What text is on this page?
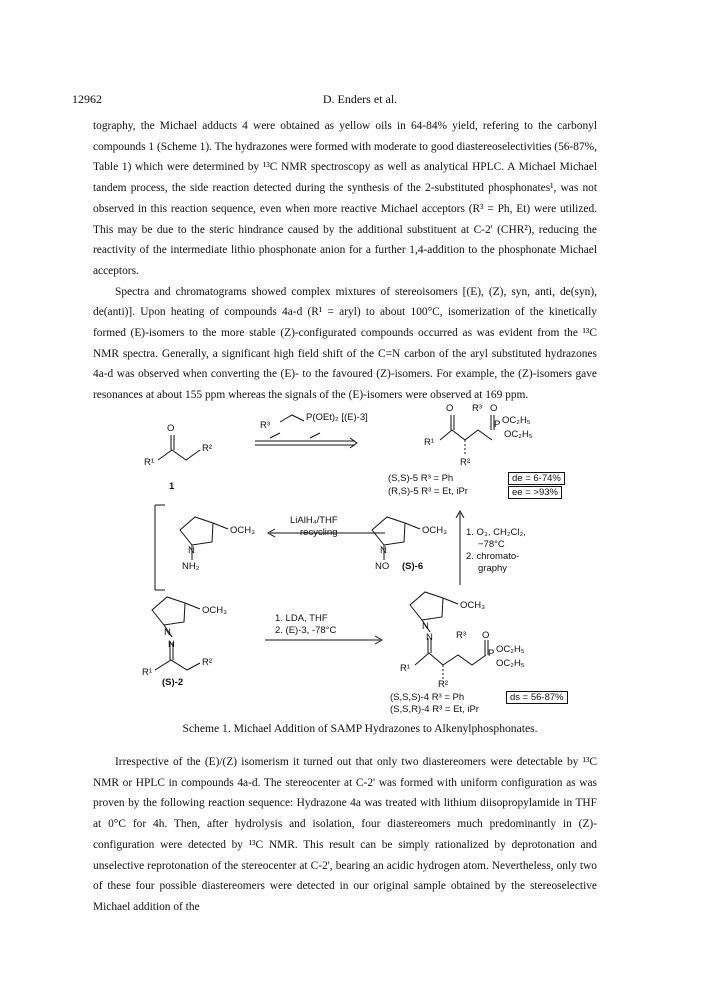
12962	D. Enders et al.

tography, the Michael adducts 4 were obtained as yellow oils in 64-84% yield, refering to the carbonyl compounds 1 (Scheme 1). The hydrazones were formed with moderate to good diastereoselectivities (56-87%, Table 1) which were determined by ¹³C NMR spectroscopy as well as analytical HPLC. A Michael Michael tandem process, the side reaction detected during the synthesis of the 2-substituted phosphonates¹, was not observed in this reaction sequence, even when more reactive Michael acceptors (R³ = Ph, Et) were utilized. This may be due to the steric hindrance caused by the additional substituent at C-2' (CHR²), reducing the reactivity of the intermediate lithio phosphonate anion for a further 1,4-addition to the phosphonate Michael acceptors.

Spectra and chromatograms showed complex mixtures of stereoisomers [(E), (Z), syn, anti, de(syn), de(anti)]. Upon heating of compounds 4a-d (R¹ = aryl) to about 100°C, isomerization of the kinetically formed (E)-isomers to the more stable (Z)-configurated compounds occurred as was evident from the ¹³C NMR spectra. Generally, a significant high field shift of the C=N carbon of the aryl substituted hydrazones 4a-d was observed when converting the (E)- to the favoured (Z)-isomers. For example, the (Z)-isomers gave resonances at about 155 ppm whereas the signals of the (E)-isomers were observed at 169 ppm.

O
R¹
R²
1
R³
P(OEt)₂ [(E)-3]
O R³ O
R¹
P OC₂H₅
OC₂H₅
R²
(S,S)-5 R³ = Ph
(R,S)-5 R³ = Et, iPr
de = 6-74%
ee = >93%
OCH₃
N
NH₂
LiAlH₄/THF
recycling	OCH₃
N
NO (S)-6
1. O₃, CH₂Cl₂,
−78°C
2. chromato-
graphy
OCH₃
N
N
R¹
R²
(S)-2
1. LDA, THF
2. (E)-3, -78°C
OCH₃
N
N R³ O
R¹
P OC₂H₅
OC₂H₅
R²
(S,S,S)-4 R³ = Ph
(S,S,R)-4 R³ = Et, iPr
ds = 56-87%
Scheme 1. Michael Addition of SAMP Hydrazones to Alkenylphosphonates.

Irrespective of the (E)/(Z) isomerism it turned out that only two diastereomers were detectable by ¹³C NMR or HPLC in compounds 4a-d. The stereocenter at C-2' was formed with uniform configuration as was proven by the following reaction sequence: Hydrazone 4a was treated with lithium diisopropylamide in THF at 0°C for 4h. Then, after hydrolysis and isolation, four diastereomers much predominantly in (Z)-configuration were detected by ¹³C NMR. This result can be simply rationalized by deprotonation and unselective reprotonation of the stereocenter at C-2', bearing an acidic hydrogen atom. Nevertheless, only two of these four possible diastereomers were detected in our original sample obtained by the stereoselective Michael addition of the
